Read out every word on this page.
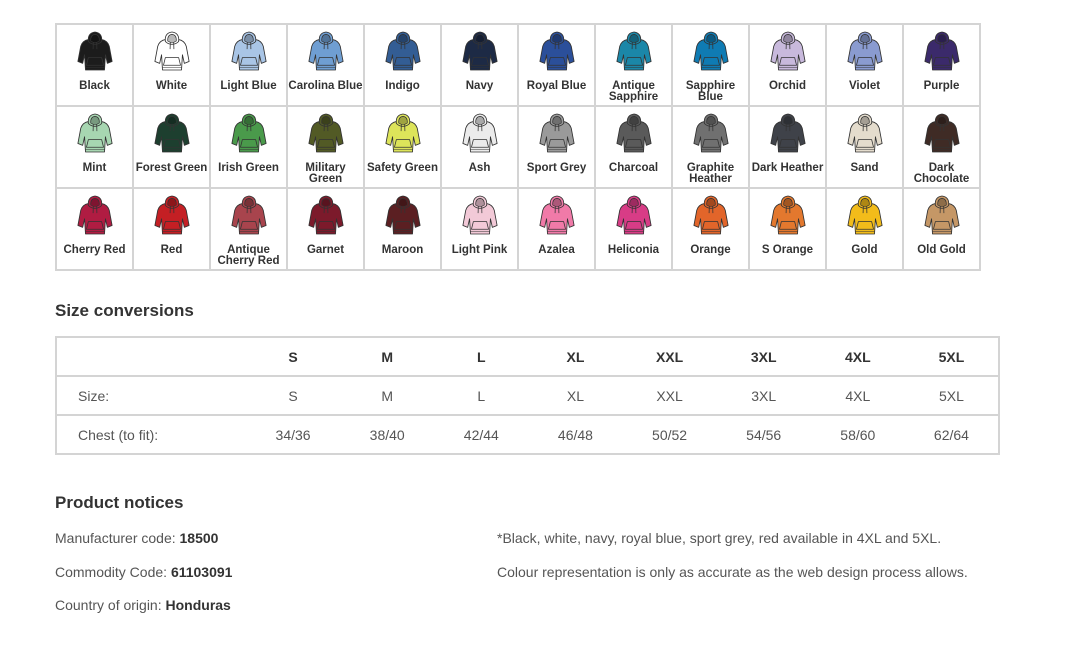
Black	White	Light Blue	Carolina Blue	Indigo	Navy	Royal Blue	Antique Sapphire	Sapphire Blue	Orchid	Violet	Purple

Mint	Forest Green	Irish Green	Military Green	Safety Green	Ash	Sport Grey	Charcoal	Graphite Heather	Dark Heather	Sand	Dark Chocolate

Cherry Red	Red	Antique Cherry Red	Garnet	Maroon	Light Pink	Azalea	Heliconia	Orange	S Orange	Gold	Old Gold
Size conversions
	S	M	L	XL	XXL	3XL	4XL	5XL
Size:	S	M	L	XL	XXL	3XL	4XL	5XL
Chest (to fit):	34/36	38/40	42/44	46/48	50/52	54/56	58/60	62/64
Product notices
Manufacturer code: 18500
Commodity Code: 61103091
Country of origin: Honduras
*Black, white, navy, royal blue, sport grey, red available in 4XL and 5XL.
Colour representation is only as accurate as the web design process allows.
